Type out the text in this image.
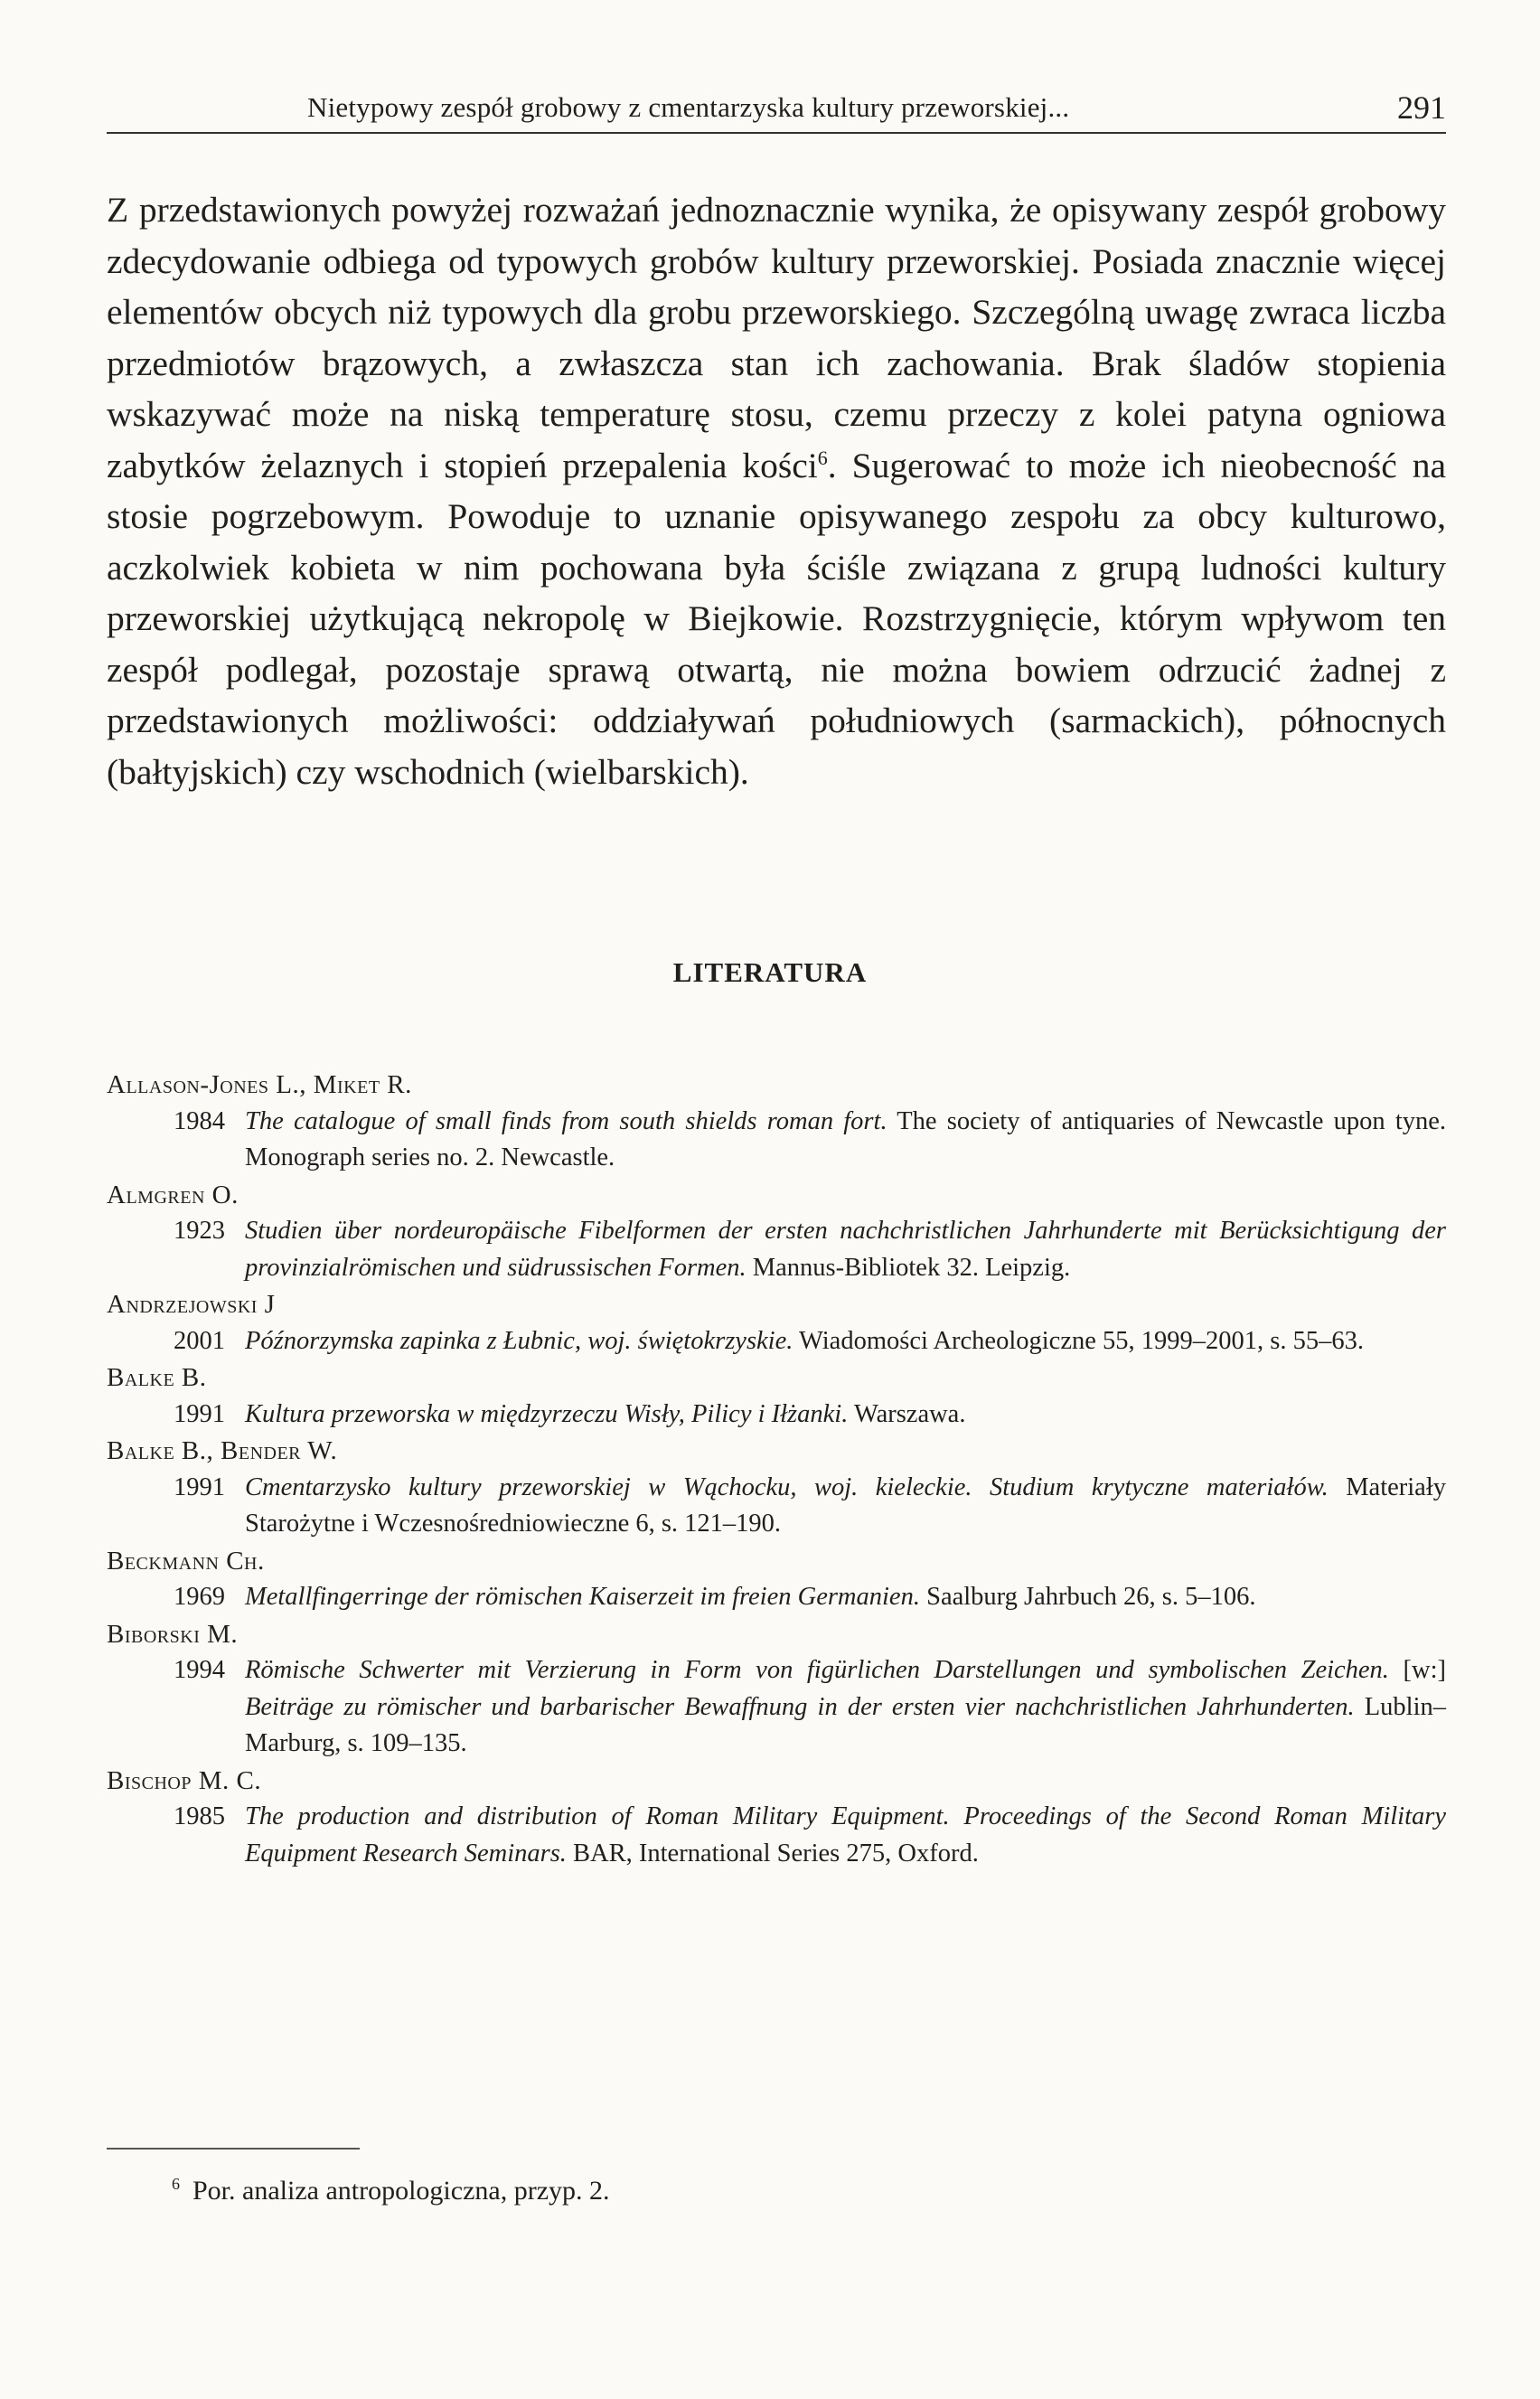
Nietypowy zespół grobowy z cmentarzyska kultury przeworskiej...	291

Z przedstawionych powyżej rozważań jednoznacznie wynika, że opisywany zespół grobowy zdecydowanie odbiega od typowych grobów kultury przeworskiej. Posiada znacznie więcej elementów obcych niż typowych dla grobu przeworskiego. Szczególną uwagę zwraca liczba przedmiotów brązowych, a zwłaszcza stan ich zachowania. Brak śladów stopienia wskazywać może na niską temperaturę stosu, czemu przeczy z kolei patyna ogniowa zabytków żelaznych i stopień przepalenia kości$^6$. Sugerować to może ich nieobecność na stosie pogrzebowym. Powoduje to uznanie opisywanego zespołu za obcy kulturowo, aczkolwiek kobieta w nim pochowana była ściśle związana z grupą ludności kultury przeworskiej użytkującą nekropolę w Biejkowie. Rozstrzygnięcie, którym wpływom ten zespół podlegał, pozostaje sprawą otwartą, nie można bowiem odrzucić żadnej z przedstawionych możliwości: oddziaływań południowych (sarmackich), północnych (bałtyjskich) czy wschodnich (wielbarskich).

LITERATURA

Allason-Jones L., Miket R.

1984 The catalogue of small finds from south shields roman fort. The society of antiquaries of Newcastle upon tyne. Monograph series no. 2. Newcastle.

Almgren O.

1923 Studien über nordeuropäische Fibelformen der ersten nachchristlichen Jahrhunderte mit Berücksichtigung der provinzialrömischen und südrussischen Formen. Mannus-Bibliotek 32. Leipzig.

Andrzejowski J

2001 Późnorzymska zapinka z Łubnic, woj. świętokrzyskie. Wiadomości Archeologiczne 55, 1999–2001, s. 55–63.

Balke B.

1991 Kultura przeworska w międzyrzeczu Wisły, Pilicy i Iłżanki. Warszawa.

Balke B., Bender W.

1991 Cmentarzysko kultury przeworskiej w Wąchocku, woj. kieleckie. Studium krytyczne materiałów. Materiały Starożytne i Wczesnośredniowieczne 6, s. 121–190.

Beckmann Ch.

1969 Metallfingerringe der römischen Kaiserzeit im freien Germanien. Saalburg Jahrbuch 26, s. 5–106.

Biborski M.

1994 Römische Schwerter mit Verzierung in Form von figürlichen Darstellungen und symbolischen Zeichen. [w:] Beiträge zu römischer und barbarischer Bewaffnung in der ersten vier nachchristlichen Jahrhunderten. Lublin–Marburg, s. 109–135.

Bischop M. C.

1985 The production and distribution of Roman Military Equipment. Proceedings of the Second Roman Military Equipment Research Seminars. BAR, International Series 275, Oxford.

$^6$ Por. analiza antropologiczna, przyp. 2.
